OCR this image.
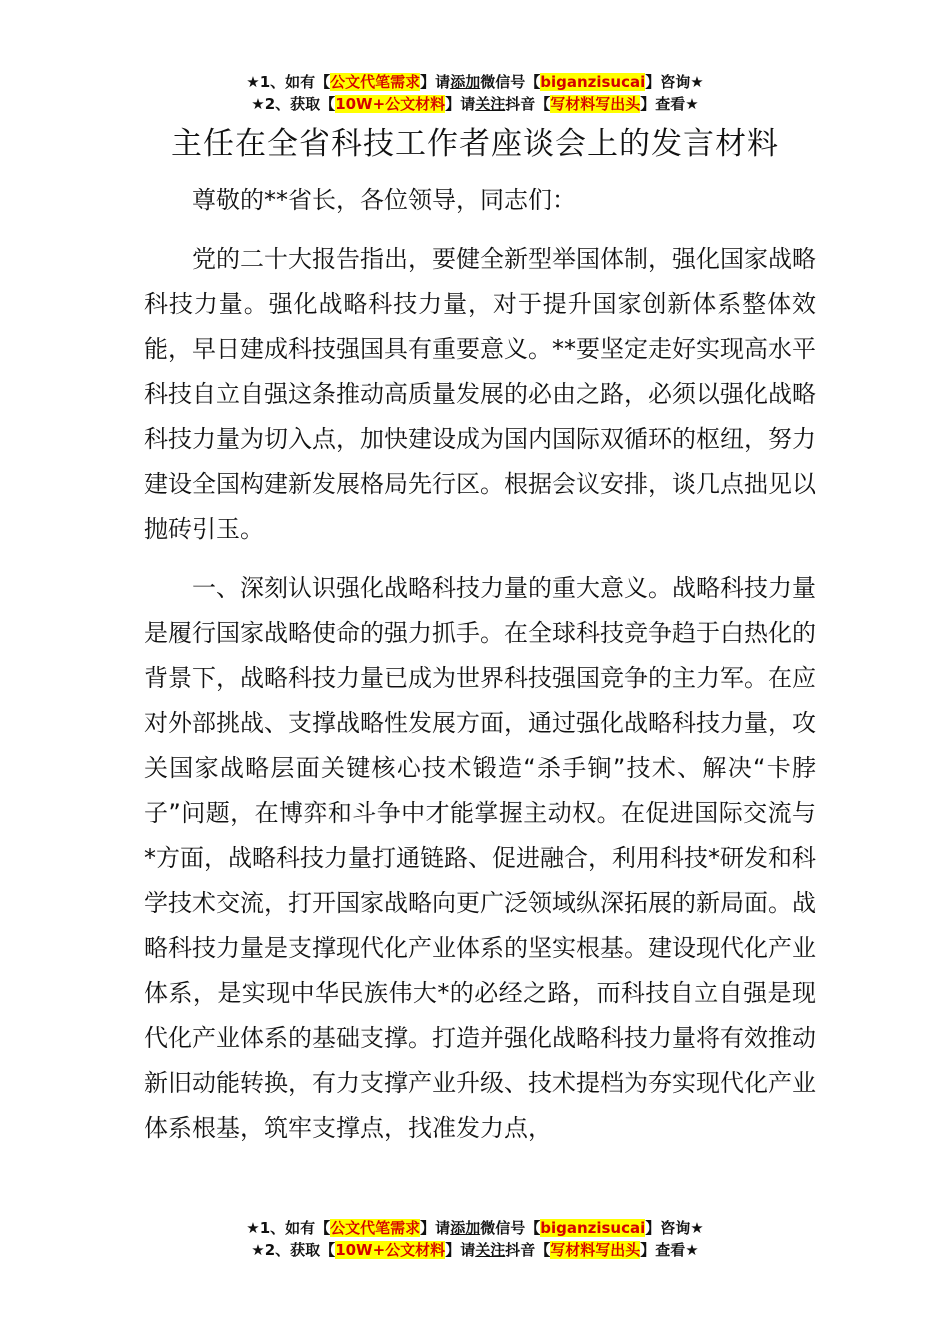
★1、如有【公文代笔需求】请添加微信号【biganzisucai】咨询★
★2、获取【10W+公文材料】请关注抖音【写材料写出头】查看★
主任在全省科技工作者座谈会上的发言材料

尊敬的**省长，各位领导，同志们：

党的二十大报告指出，要健全新型举国体制，强化国家战略科技力量。强化战略科技力量，对于提升国家创新体系整体效能，早日建成科技强国具有重要意义。**要坚定走好实现高水平科技自立自强这条推动高质量发展的必由之路，必须以强化战略科技力量为切入点，加快建设成为国内国际双循环的枢纽，努力建设全国构建新发展格局先行区。根据会议安排，谈几点拙见以抛砖引玉。

一、深刻认识强化战略科技力量的重大意义。战略科技力量是履行国家战略使命的强力抓手。在全球科技竞争趋于白热化的背景下，战略科技力量已成为世界科技强国竞争的主力军。在应对外部挑战、支撑战略性发展方面，通过强化战略科技力量，攻关国家战略层面关键核心技术锻造“杀手锏”技术、解决“卡脖子”问题，在博弈和斗争中才能掌握主动权。在促进国际交流与*方面，战略科技力量打通链路、促进融合，利用科技*研发和科学技术交流，打开国家战略向更广泛领域纵深拓展的新局面。战略科技力量是支撑现代化产业体系的坚实根基。建设现代化产业体系，是实现中华民族伟大*的必经之路，而科技自立自强是现代化产业体系的基础支撑。打造并强化战略科技力量将有效推动新旧动能转换，有力支撑产业升级、技术提档为夯实现代化产业体系根基，筑牢支撑点，找准发力点，

★1、如有【公文代笔需求】请添加微信号【biganzisucai】咨询★
★2、获取【10W+公文材料】请关注抖音【写材料写出头】查看★
